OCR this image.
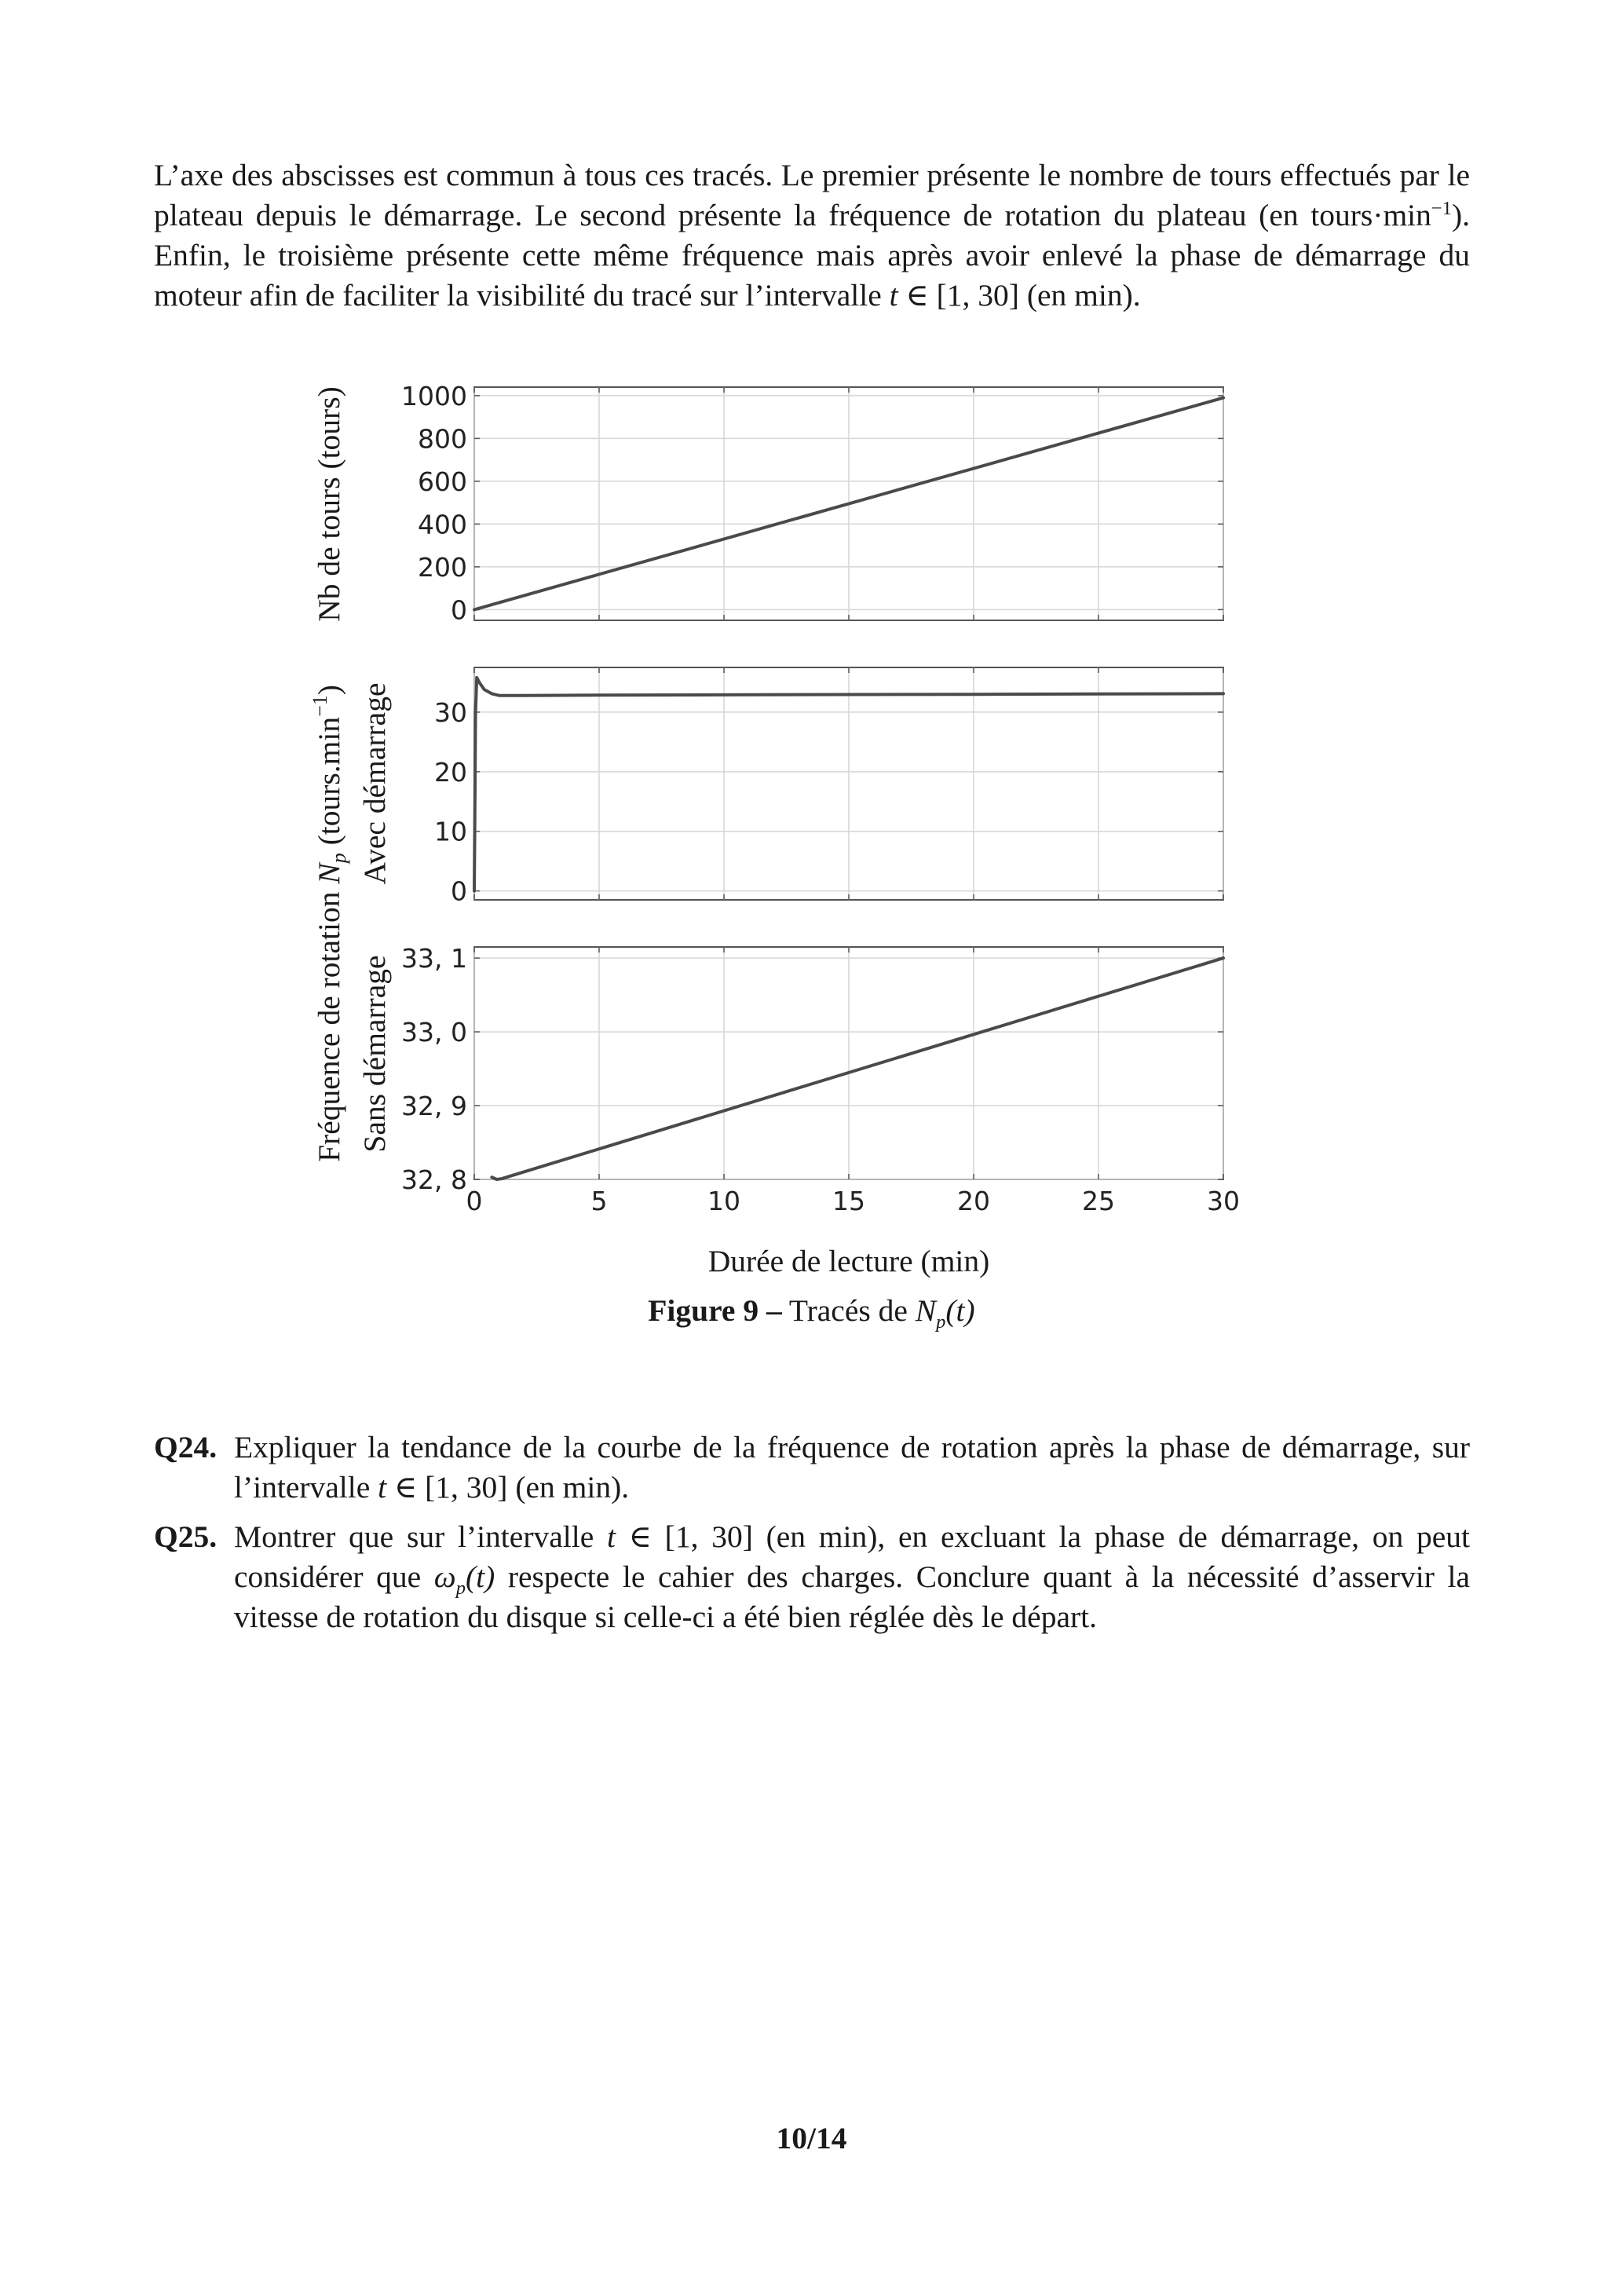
L’axe des abscisses est commun à tous ces tracés. Le premier présente le nombre de tours effectués par le plateau depuis le démarrage. Le second présente la fréquence de rotation du plateau (en $tours\cdot\min^{-1}$). Enfin, le troisième présente cette même fréquence mais après avoir enlevé la phase de démarrage du moteur afin de faciliter la visibilité du tracé sur l’intervalle t ∈ [1, 30] (en min).

0
200
400
600
800
1000
0
10
20
30
0	5	10	15	20	25	30
32, 8
32, 9
33, 0
33, 1
Nb de tours (tours)
Fréquence de rotation $N_p$ $(tours.\min^{-1})$ Avec démarrage
Sans démarrage
Durée de lecture (min)
Figure 9 – Tracés de $N_p(t)$
Q24. Expliquer la tendance de la courbe de la fréquence de rotation après la phase de démarrage, sur l’intervalle t ∈ [1, 30] (en min).
Q25. Montrer que sur l’intervalle t ∈ [1, 30] (en min), en excluant la phase de démarrage, on peut considérer que $\omega_p(t)$ respecte le cahier des charges. Conclure quant à la nécessité d’asservir la vitesse de rotation du disque si celle-ci a été bien réglée dès le départ.
10/14
